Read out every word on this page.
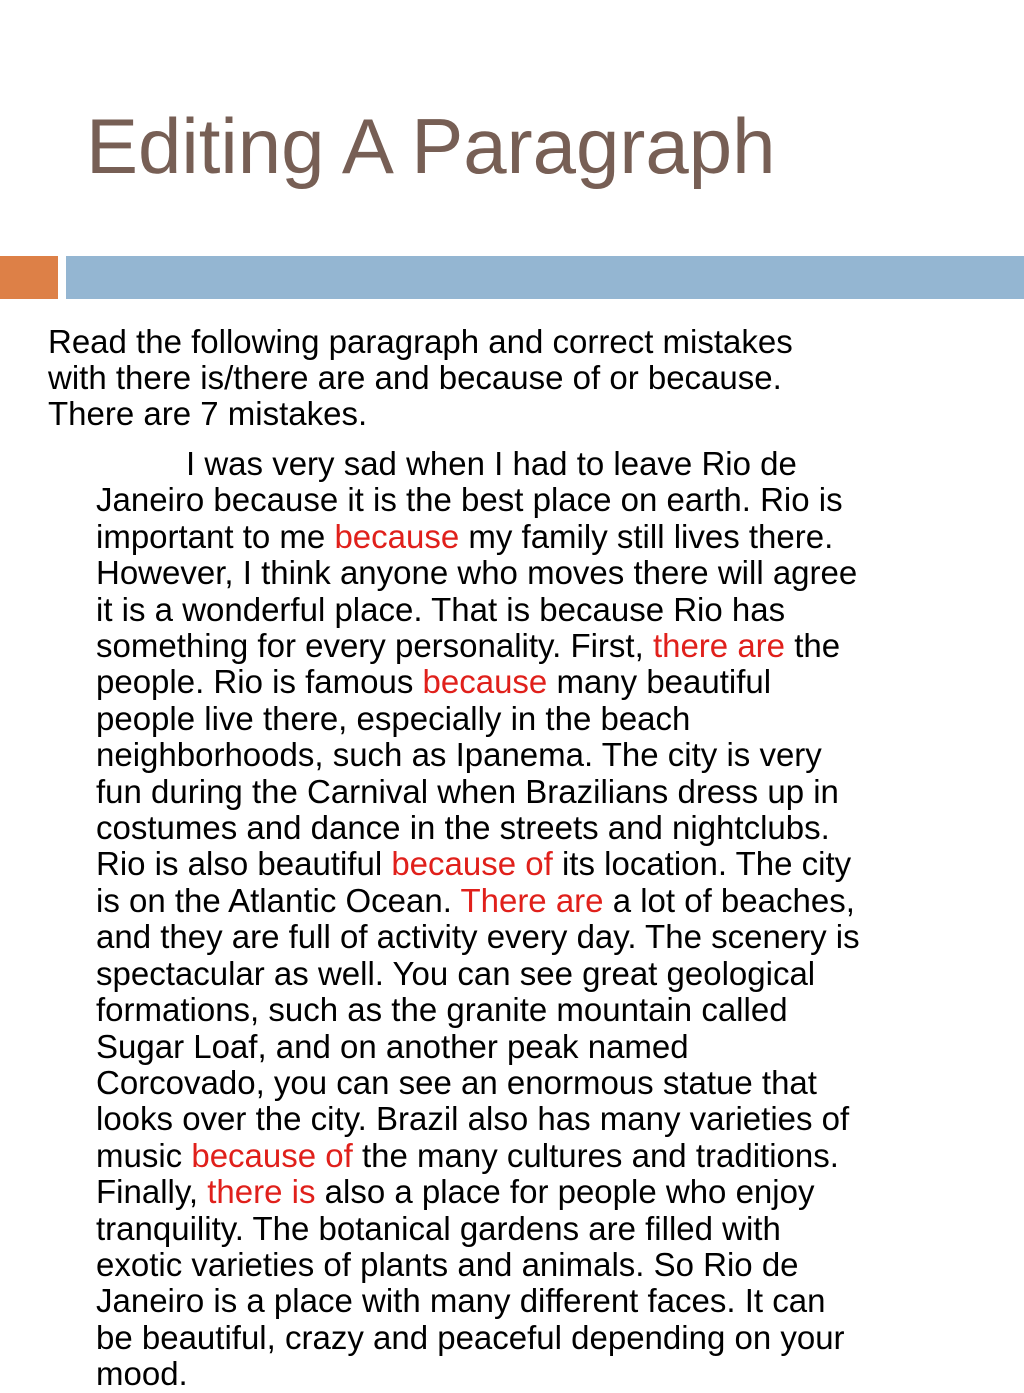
Editing A Paragraph

Read the following paragraph and correct mistakes
with there is/there are and because of or because.
There are 7 mistakes.

I was very sad when I had to leave Rio de
Janeiro because it is the best place on earth. Rio is
important to me because my family still lives there.
However, I think anyone who moves there will agree
it is a wonderful place. That is because Rio has
something for every personality. First, there are the
people. Rio is famous because many beautiful
people live there, especially in the beach
neighborhoods, such as Ipanema. The city is very
fun during the Carnival when Brazilians dress up in
costumes and dance in the streets and nightclubs.
Rio is also beautiful because of its location. The city
is on the Atlantic Ocean. There are a lot of beaches,
and they are full of activity every day. The scenery is
spectacular as well. You can see great geological
formations, such as the granite mountain called
Sugar Loaf, and on another peak named
Corcovado, you can see an enormous statue that
looks over the city. Brazil also has many varieties of
music because of the many cultures and traditions.
Finally, there is also a place for people who enjoy
tranquility. The botanical gardens are filled with
exotic varieties of plants and animals. So Rio de
Janeiro is a place with many different faces. It can
be beautiful, crazy and peaceful depending on your
mood.
